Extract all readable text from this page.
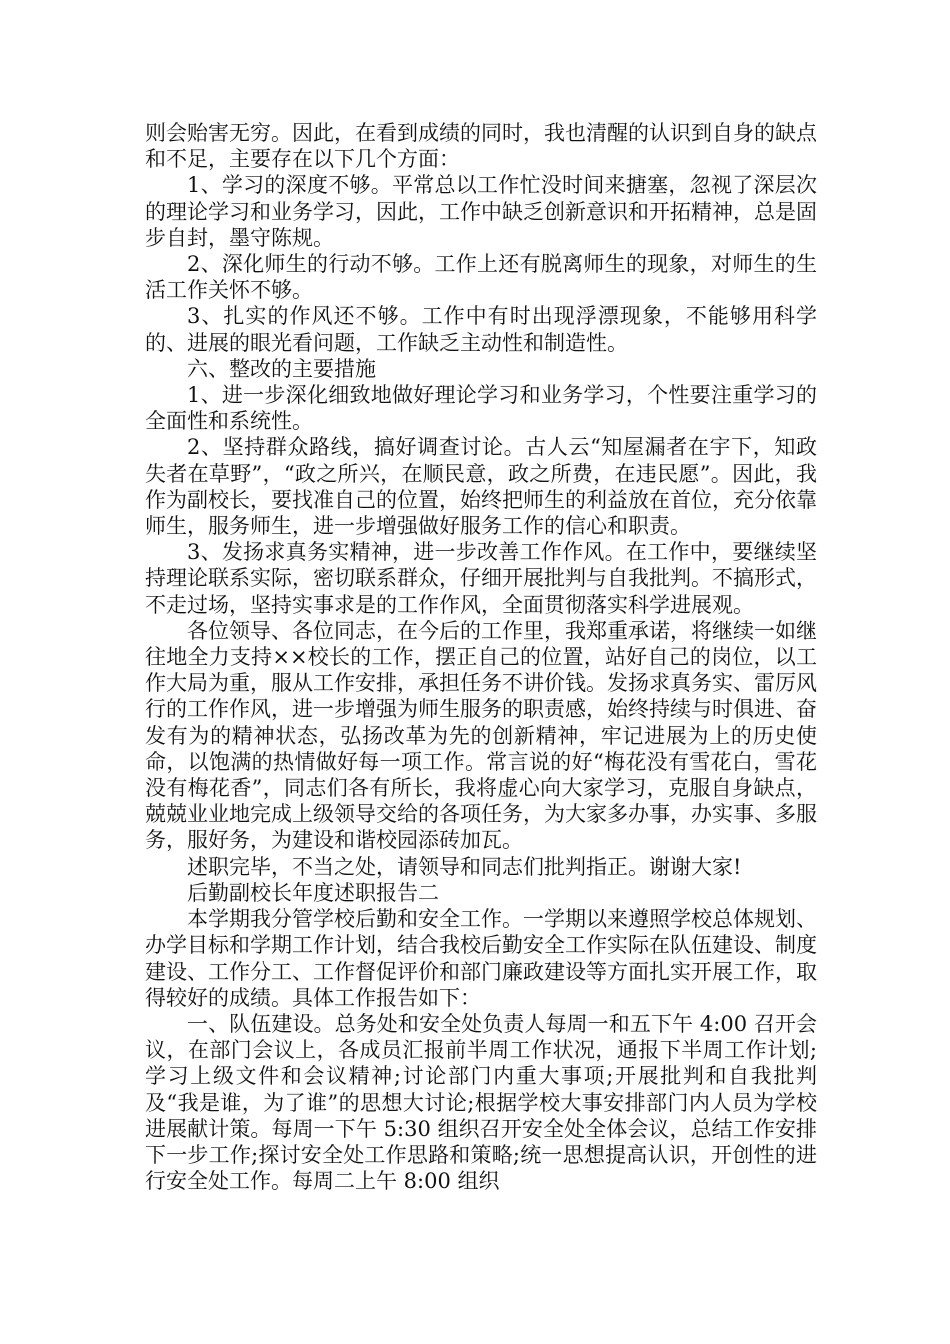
则会贻害无穷。因此，在看到成绩的同时，我也清醒的认识到自身的缺点和不足，主要存在以下几个方面：

1、学习的深度不够。平常总以工作忙没时间来搪塞，忽视了深层次的理论学习和业务学习，因此，工作中缺乏创新意识和开拓精神，总是固步自封，墨守陈规。

2、深化师生的行动不够。工作上还有脱离师生的现象，对师生的生活工作关怀不够。

3、扎实的作风还不够。工作中有时出现浮漂现象，不能够用科学的、进展的眼光看问题，工作缺乏主动性和制造性。

六、整改的主要措施

1、进一步深化细致地做好理论学习和业务学习，个性要注重学习的全面性和系统性。

2、坚持群众路线，搞好调查讨论。古人云“知屋漏者在宇下，知政失者在草野”，“政之所兴，在顺民意，政之所费，在违民愿”。因此，我作为副校长，要找准自己的位置，始终把师生的利益放在首位，充分依靠师生，服务师生，进一步增强做好服务工作的信心和职责。

3、发扬求真务实精神，进一步改善工作作风。在工作中，要继续坚持理论联系实际，密切联系群众，仔细开展批判与自我批判。不搞形式，不走过场，坚持实事求是的工作作风，全面贯彻落实科学进展观。

各位领导、各位同志，在今后的工作里，我郑重承诺，将继续一如继往地全力支持××校长的工作，摆正自己的位置，站好自己的岗位，以工作大局为重，服从工作安排，承担任务不讲价钱。发扬求真务实、雷厉风行的工作作风，进一步增强为师生服务的职责感，始终持续与时俱进、奋发有为的精神状态，弘扬改革为先的创新精神，牢记进展为上的历史使命，以饱满的热情做好每一项工作。常言说的好“梅花没有雪花白，雪花没有梅花香”，同志们各有所长，我将虚心向大家学习，克服自身缺点，兢兢业业地完成上级领导交给的各项任务，为大家多办事，办实事、多服务，服好务，为建设和谐校园添砖加瓦。

述职完毕，不当之处，请领导和同志们批判指正。谢谢大家!

后勤副校长年度述职报告二

本学期我分管学校后勤和安全工作。一学期以来遵照学校总体规划、办学目标和学期工作计划，结合我校后勤安全工作实际在队伍建设、制度建设、工作分工、工作督促评价和部门廉政建设等方面扎实开展工作，取得较好的成绩。具体工作报告如下：

一、队伍建设。总务处和安全处负责人每周一和五下午 4:00 召开会议，在部门会议上，各成员汇报前半周工作状况，通报下半周工作计划;学习上级文件和会议精神;讨论部门内重大事项;开展批判和自我批判及“我是谁，为了谁”的思想大讨论;根据学校大事安排部门内人员为学校进展献计策。每周一下午 5:30 组织召开安全处全体会议，总结工作安排下一步工作;探讨安全处工作思路和策略;统一思想提高认识，开创性的进行安全处工作。每周二上午 8:00 组织
